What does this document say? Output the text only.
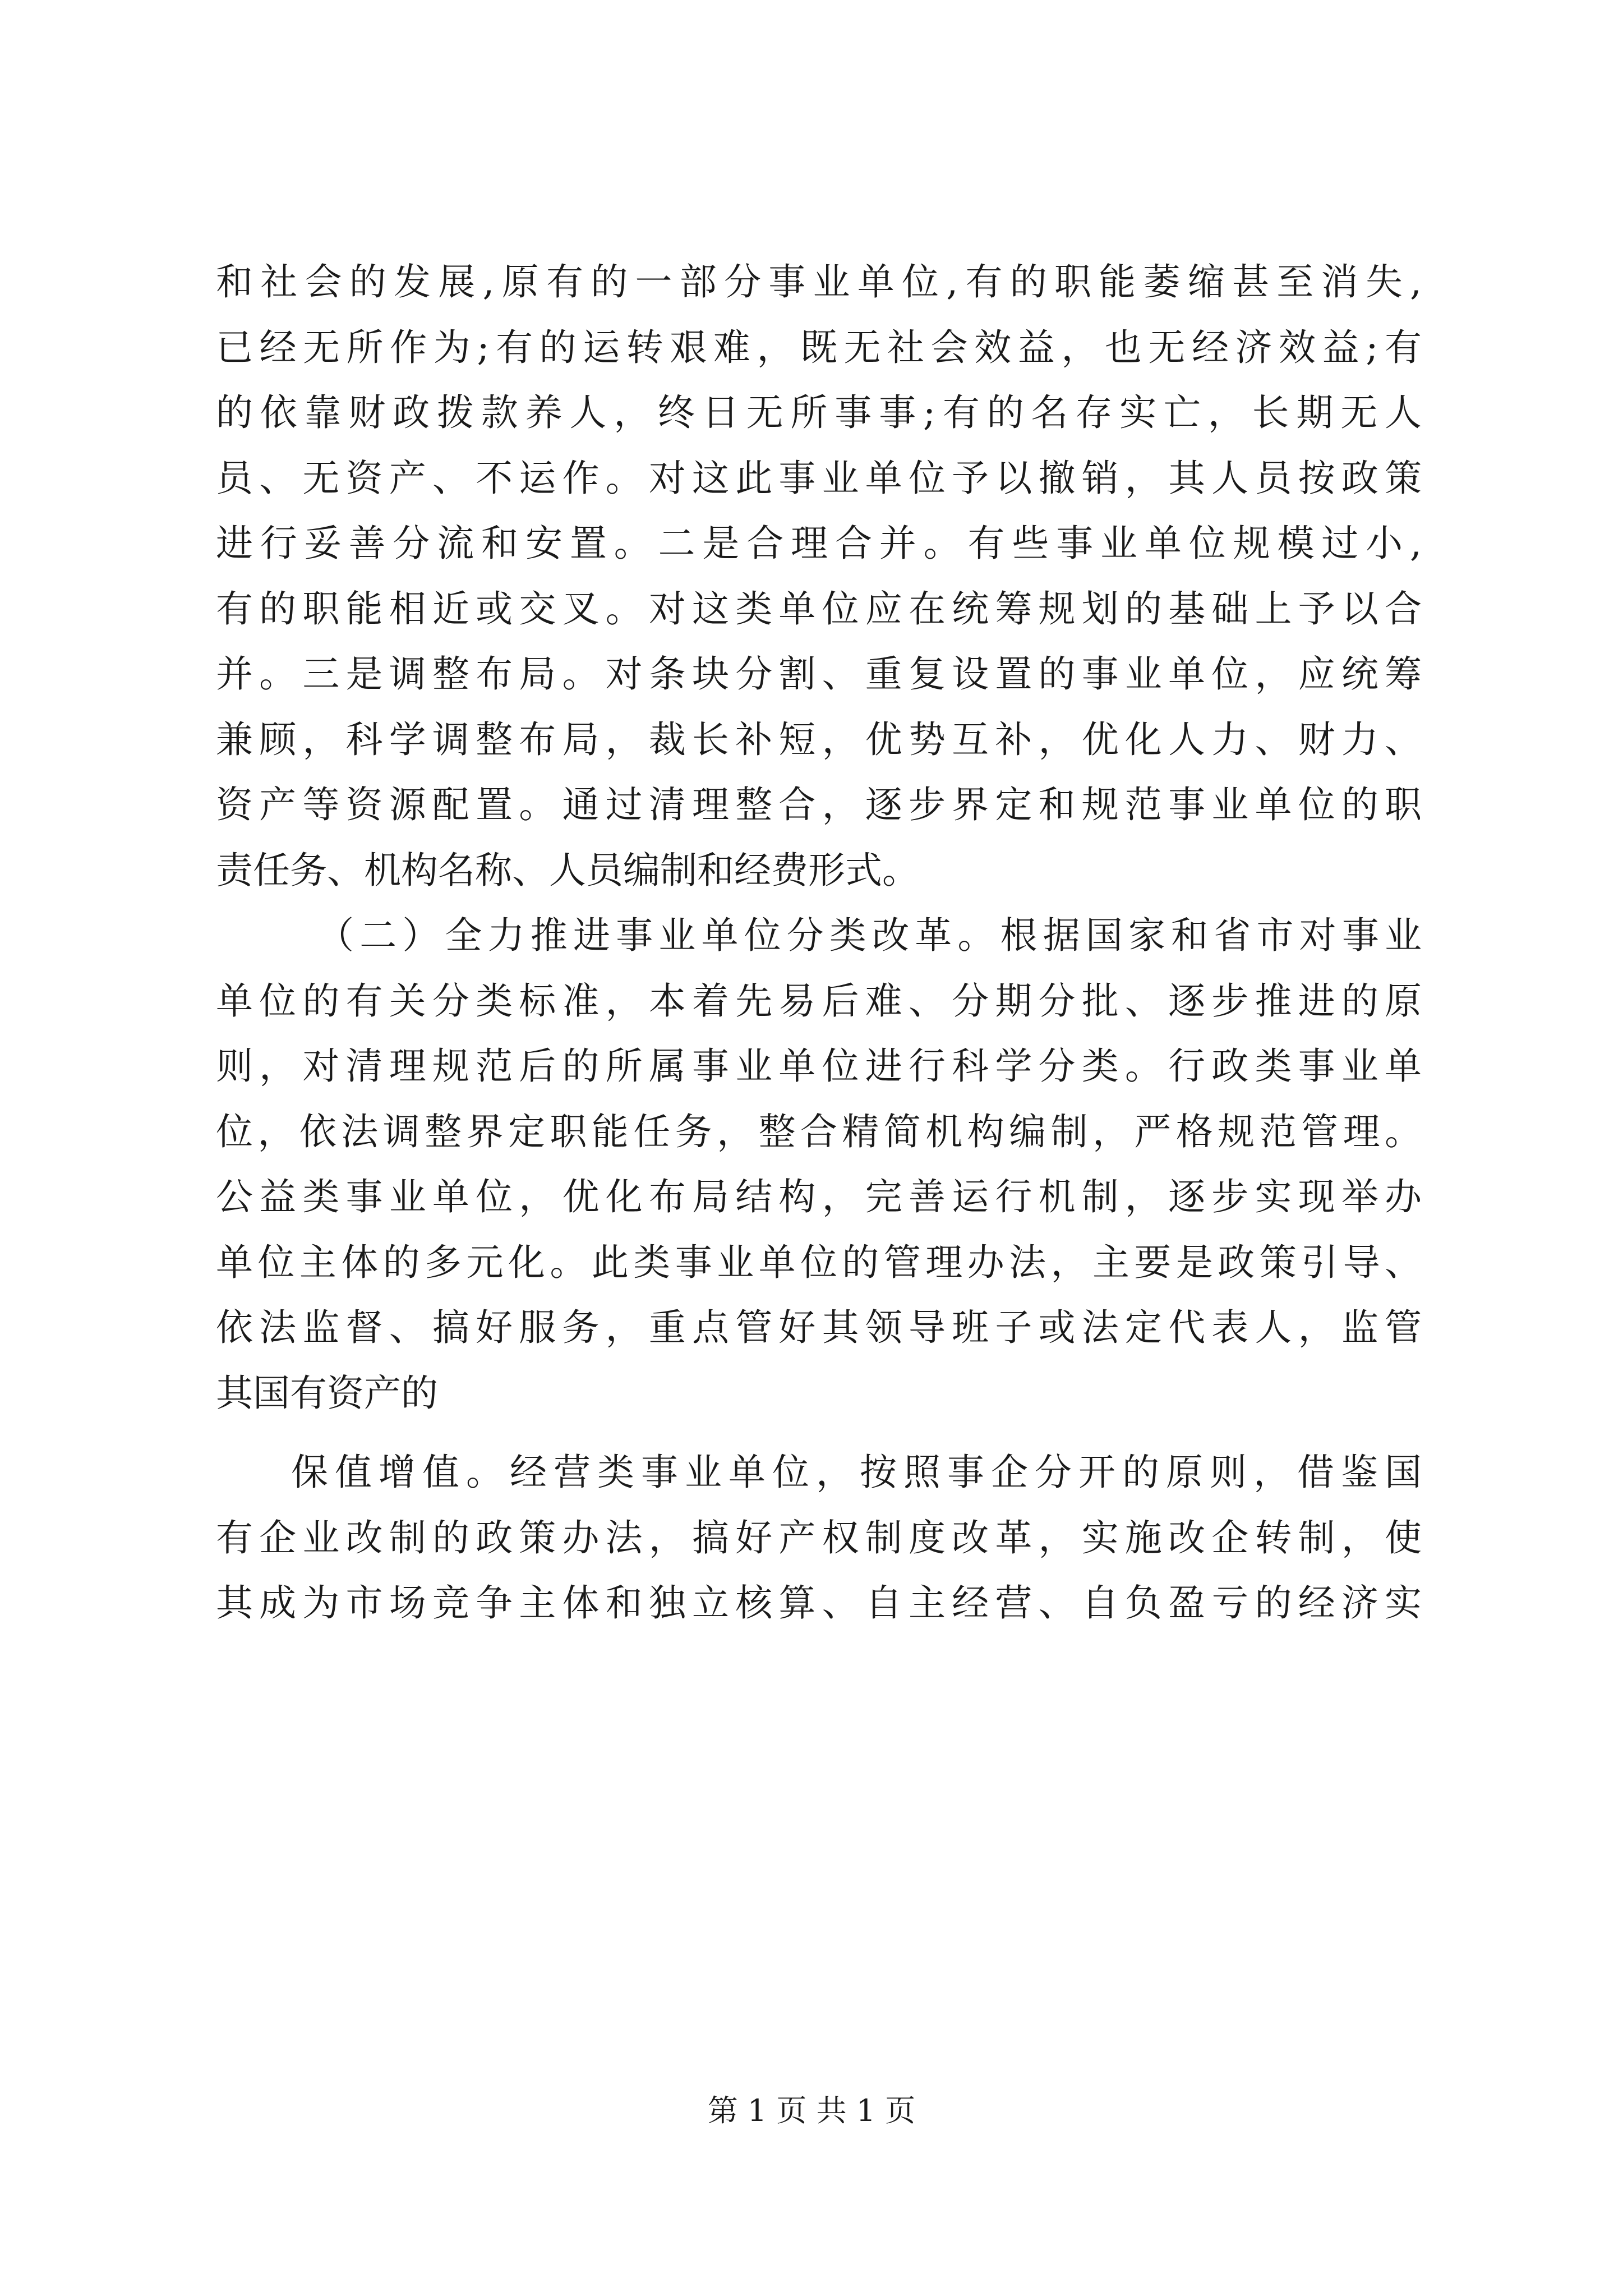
和社会的发展,原有的一部分事业单位,有的职能萎缩甚至消失,
已经无所作为;有的运转艰难，既无社会效益，也无经济效益;有
的依靠财政拨款养人，终日无所事事;有的名存实亡，长期无人
员、无资产、不运作。对这此事业单位予以撤销，其人员按政策
进行妥善分流和安置。二是合理合并。有些事业单位规模过小,
有的职能相近或交叉。对这类单位应在统筹规划的基础上予以合
并。三是调整布局。对条块分割、重复设置的事业单位，应统筹
兼顾，科学调整布局，裁长补短，优势互补，优化人力、财力、
资产等资源配置。通过清理整合，逐步界定和规范事业单位的职
责任务、机构名称、人员编制和经费形式。
（二）全力推进事业单位分类改革。根据国家和省市对事业
单位的有关分类标准，本着先易后难、分期分批、逐步推进的原
则，对清理规范后的所属事业单位进行科学分类。行政类事业单
位，依法调整界定职能任务，整合精简机构编制，严格规范管理。
公益类事业单位，优化布局结构，完善运行机制，逐步实现举办
单位主体的多元化。此类事业单位的管理办法，主要是政策引导、
依法监督、搞好服务，重点管好其领导班子或法定代表人，监管
其国有资产的
保值增值。经营类事业单位，按照事企分开的原则，借鉴国
有企业改制的政策办法，搞好产权制度改革，实施改企转制，使
其成为市场竞争主体和独立核算、自主经营、自负盈亏的经济实
第 1 页 共 1 页
